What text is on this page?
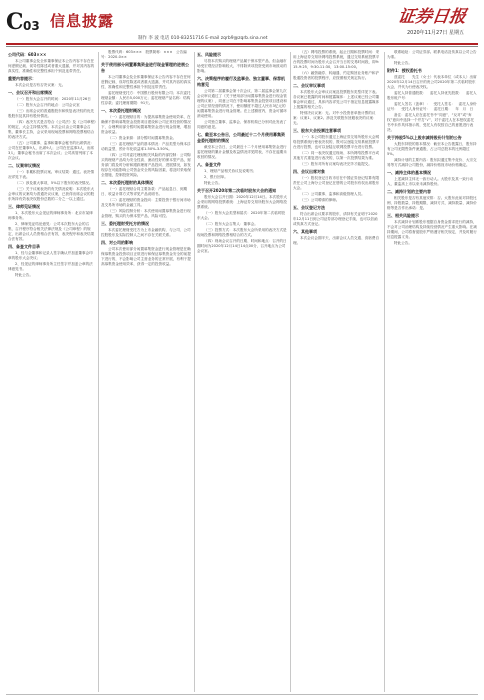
C 03 信息披露	证券日报
2020年11月27日 星期五
制作 李 波 电话 010-83251716 E-mail zqrb9@zqrb.sina.net

公司代码：603×××

本公司董事会及全体董事保证本公告内容不存在任何虚假记载、误导性陈述或者重大遗漏，并对其内容的真实性、准确性和完整性承担个别及连带责任。

重要内容提示：

本次会议是否有否决议案：无。

一、会议召开和出席情况

（一）股东大会召开的时间：2020年11月26日

（二）股东大会召开的地点：公司会议室

（三）出席会议的普通股股东和恢复表决权的优先股股东及其持有股份情况。

（四）表决方式是否符合《公司法》及《公司章程》的规定，大会主持情况等。本次会议由公司董事会召集，董事长主持，会议采用现场投票和网络投票相结合的表决方式。

（五）公司董事、监事和董事会秘书的出席情况：公司在任董事9人，出席9人；公司在任监事3人，出席3人；董事会秘书出席了本次会议；公司高管列席了本次会议。

二、议案审议情况

（一）非累积投票议案。审议结果：通过。表决情况详见下表。

（二）涉及重大事项，5%以下股东的表决情况。

（三）关于议案表决的有关情况说明：本次股东大会审议的议案均为普通决议议案，已获得出席会议的股东所持有效表决权股份总数的二分之一以上通过。

三、律师见证情况

1、本次股东大会见证的律师事务所：北京市某律师事务所。

2、律师见证结论意见：公司本次股东大会的召集、召开程序符合相关法律法规及《公司章程》的规定，出席会议人员资格合法有效，表决程序和表决结果合法有效。

四、备查文件目录

1、经与会董事和记录人签字确认并加盖董事会印章的股东大会决议；

2、经见证的律师事务所主任签字并加盖公章的法律意见书。

特此公告。

股票代码：603×××　股票简称：×××　公告编号：2020-0××

关于使用部分闲置募集资金进行现金管理的进展公告

本公司董事会及全体董事保证本公告内容不存在任何虚假记载、误导性陈述或者重大遗漏，并对其内容的真实性、准确性和完整性承担个别及连带责任。

委托理财受托方：中国银行股份有限公司；本次委托理财金额：人民币5,000万元；委托理财产品名称：结构性存款；委托理财期限：91天。

一、本次委托理财概况

（一）委托理财目的：为提高募集资金使用效率，在确保不影响募集资金投资项目建设和公司正常经营的情况下，合理利用部分暂时闲置募集资金进行现金管理，增加资金收益。

（二）资金来源：部分暂时闲置募集资金。

（三）委托理财产品的基本情况：产品类型为保本浮动收益型，预计年化收益率1.50%-3.50%。

（四）公司对委托理财相关风险的内部控制：公司购买的理财产品均为安全性高、流动性好的保本型产品，财务部门将及时分析和跟踪理财产品投向、进展情况，如发现存在可能影响公司资金安全的风险因素，将及时采取保全措施，控制投资风险。

二、本次委托理财的具体情况

（一）委托理财合同主要条款：产品起息日、到期日、收益计算方式等详见产品说明书。

（二）委托理财的资金投向：主要投资于银行间市场及交易所市场的金融工具。

（三）风险控制分析：本次使用闲置募集资金进行现金管理，购买的为保本型产品，风险可控。

三、委托理财受托方的情况

本次委托理财受托方为上市金融机构，与公司、公司控股股东及实际控制人之间不存在关联关系。

四、对公司的影响

公司本次使用部分闲置募集资金进行现金管理是在确保募集资金投资项目正常进行和保证募集资金安全的前提下进行的，不会影响公司主营业务的正常开展，有利于提高募集资金使用效率，获得一定的投资收益。

五、风险提示

尽管本次购买的理财产品属于保本型产品，但金融市场受宏观经济影响较大，不排除该项投资受到市场波动的影响。

六、决策程序的履行及监事会、独立董事、保荐机构意见

公司第二届董事会第十次会议、第二届监事会第九次会议审议通过了《关于使用部分闲置募集资金进行现金管理的议案》，同意公司在不影响募集资金投资项目建设和公司正常经营的情况下，使用额度不超过人民币3亿元的闲置募集资金进行现金管理。在上述额度内，资金可循环滚动使用。

公司独立董事、监事会、保荐机构已分别对此发表了同意的意见。

七、截至本公告日，公司最近十二个月使用募集资金委托理财的情况

截至本公告日，公司最近十二个月使用募集资金进行委托理财的累计金额及收益情况详见附表，不存在逾期未收回的情况。

八、备查文件

1、理财产品相关协议及说明书；

2、银行回单。

特此公告。

关于召开2020年第二次临时股东大会的通知

股东大会召开日期：2020年12月14日。本次股东大会采用的网络投票系统：上海证券交易所股东大会网络投票系统。

（一）股东大会类型和届次：2020年第二次临时股东大会。

（二）股东大会召集人：董事会。

（三）投票方式：本次股东大会所采用的表决方式是现场投票和网络投票相结合的方式。

（四）现场会议召开的日期、时间和地点：召开的日期时间为2020年12月14日14点00分，召开地点为公司会议室。

（五）网络投票的系统、起止日期和投票时间：采用上海证券交易所网络投票系统，通过交易系统投票平台的投票时间为股东大会召开当日的交易时间段，即9:15-9:25，9:30-11:30，13:00-15:00。

（六）融资融券、转融通、约定购回业务账户和沪股通投资者的投票程序，应按照相关规定执行。

二、会议审议事项

本次股东大会审议议案及投票股东类型详见下表。各议案已披露的时间和披露媒体：上述议案已经公司董事会审议通过，具体内容详见公司于指定信息披露媒体上披露的相关公告。

特别决议议案：无。对中小投资者单独计票的议案：议案1、议案2。涉及关联股东回避表决的议案：无。

三、股东大会投票注意事项

（一）本公司股东通过上海证券交易所股东大会网络投票系统行使表决权的，既可以登陆交易系统投票平台进行投票，也可以登陆互联网投票平台进行投票。

（二）同一表决权通过现场、本所网络投票平台或其他方式重复进行表决的，以第一次投票结果为准。

（三）股东对所有议案均表决完毕才能提交。

四、会议出席对象

（一）股权登记日收市后在中国证券登记结算有限责任公司上海分公司登记在册的公司股东有权出席股东大会。

（二）公司董事、监事和高级管理人员。

（三）公司聘请的律师。

五、会议登记方法

符合出席会议要求的股东，请持有关证明于2020年12月11日到公司证券部办理登记手续，也可以信函或传真方式登记。

六、其他事项

本次会议会期半天，出席会议人员交通、食宿费自理。

联系地址：公司证券部。联系电话及传真以公司公告为准。

特此公告。

附件1：授权委托书

兹委托　　先生（女士）代表本单位（或本人）出席2020年12月14日召开的贵公司2020年第二次临时股东大会，并代为行使表决权。

委托人持普通股数：　委托人持优先股数：　委托人股东帐户号：

委托人签名（盖章）：　受托人签名：　委托人身份证号：　受托人身份证号：　委托日期：　年　月　日

备注：委托人应在委托书中“同意”、“反对”或“弃权”意向中选择一个并打“√”，对于委托人在本授权委托书中未作具体指示的，受托人有权按自己的意愿进行表决。

关于持股5%以上股东减持股份计划的公告

大股东持股的基本情况：截至本公告披露日，股东持有公司无限售条件流通股，占公司总股本的比例超过5%。

减持计划的主要内容：股东拟通过集中竞价、大宗交易等方式减持公司股份，减持价格视市场价格确定。

一、减持主体的基本情况

上述减持主体无一致行动人。大股东及其一致行动人、董监高上市以来未减持股份。

二、减持计划的主要内容

相关股东是否有其他安排：否。大股东此前对持股比例、持股数量、持股期限、减持方式、减持数量、减持价格等是否作出承诺：是。

三、相关风险提示

本次减持计划系股东根据自身资金需求进行的减持，不会对公司治理结构及持续经营情况产生重大影响。在减持期间，公司将督促股东严格遵守相关规定，并及时履行信息披露义务。

特此公告。
